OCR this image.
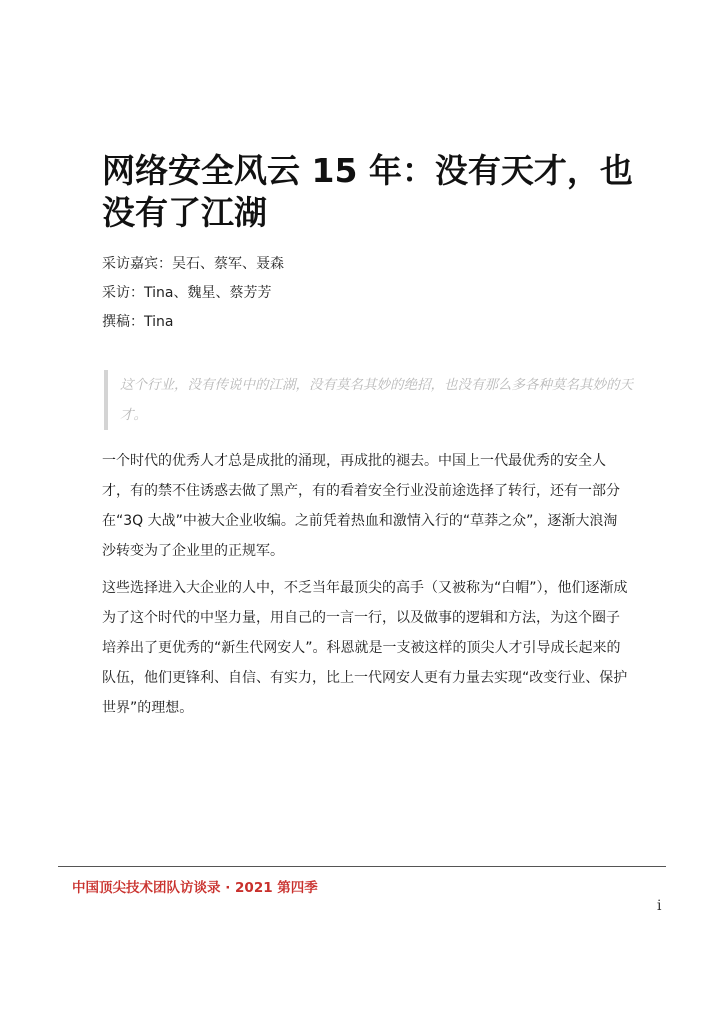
网络安全风云 15 年：没有天才，也
没有了江湖
采访嘉宾：吴石、蔡军、聂森
采访：Tina、魏星、蔡芳芳
撰稿：Tina

这个行业，没有传说中的江湖，没有莫名其妙的绝招，也没有那么多各种莫名其妙的天才。

一个时代的优秀人才总是成批的涌现，再成批的褪去。中国上一代最优秀的安全人才，有的禁不住诱惑去做了黑产，有的看着安全行业没前途选择了转行，还有一部分在“3Q 大战”中被大企业收编。之前凭着热血和激情入行的“草莽之众”，逐渐大浪淘沙转变为了企业里的正规军。

这些选择进入大企业的人中，不乏当年最顶尖的高手（又被称为“白帽”），他们逐渐成为了这个时代的中坚力量，用自己的一言一行，以及做事的逻辑和方法，为这个圈子培养出了更优秀的“新生代网安人”。科恩就是一支被这样的顶尖人才引导成长起来的队伍，他们更锋利、自信、有实力，比上一代网安人更有力量去实现“改变行业、保护世界”的理想。

中国顶尖技术团队访谈录 · 2021 第四季
i
